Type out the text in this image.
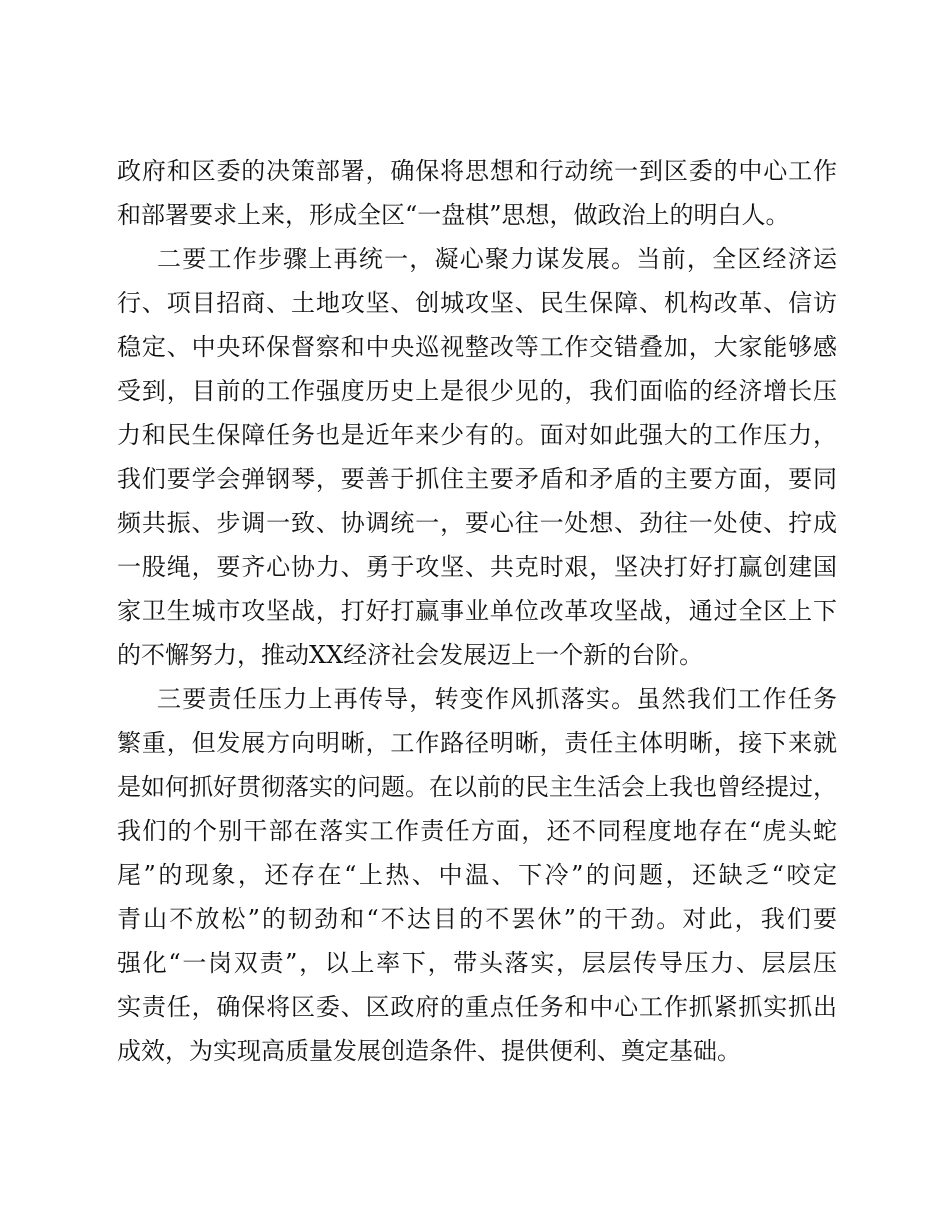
政府和区委的决策部署，确保将思想和行动统一到区委的中心工作
和部署要求上来，形成全区“一盘棋”思想，做政治上的明白人。
二要工作步骤上再统一，凝心聚力谋发展。当前，全区经济运
行、项目招商、土地攻坚、创城攻坚、民生保障、机构改革、信访
稳定、中央环保督察和中央巡视整改等工作交错叠加，大家能够感
受到，目前的工作强度历史上是很少见的，我们面临的经济增长压
力和民生保障任务也是近年来少有的。面对如此强大的工作压力，
我们要学会弹钢琴，要善于抓住主要矛盾和矛盾的主要方面，要同
频共振、步调一致、协调统一，要心往一处想、劲往一处使、拧成
一股绳，要齐心协力、勇于攻坚、共克时艰，坚决打好打赢创建国
家卫生城市攻坚战，打好打赢事业单位改革攻坚战，通过全区上下
的不懈努力，推动XX经济社会发展迈上一个新的台阶。
三要责任压力上再传导，转变作风抓落实。虽然我们工作任务
繁重，但发展方向明晰，工作路径明晰，责任主体明晰，接下来就
是如何抓好贯彻落实的问题。在以前的民主生活会上我也曾经提过，
我们的个别干部在落实工作责任方面，还不同程度地存在“虎头蛇
尾”的现象，还存在“上热、中温、下冷”的问题，还缺乏“咬定
青山不放松”的韧劲和“不达目的不罢休”的干劲。对此，我们要
强化“一岗双责”，以上率下，带头落实，层层传导压力、层层压
实责任，确保将区委、区政府的重点任务和中心工作抓紧抓实抓出
成效，为实现高质量发展创造条件、提供便利、奠定基础。
